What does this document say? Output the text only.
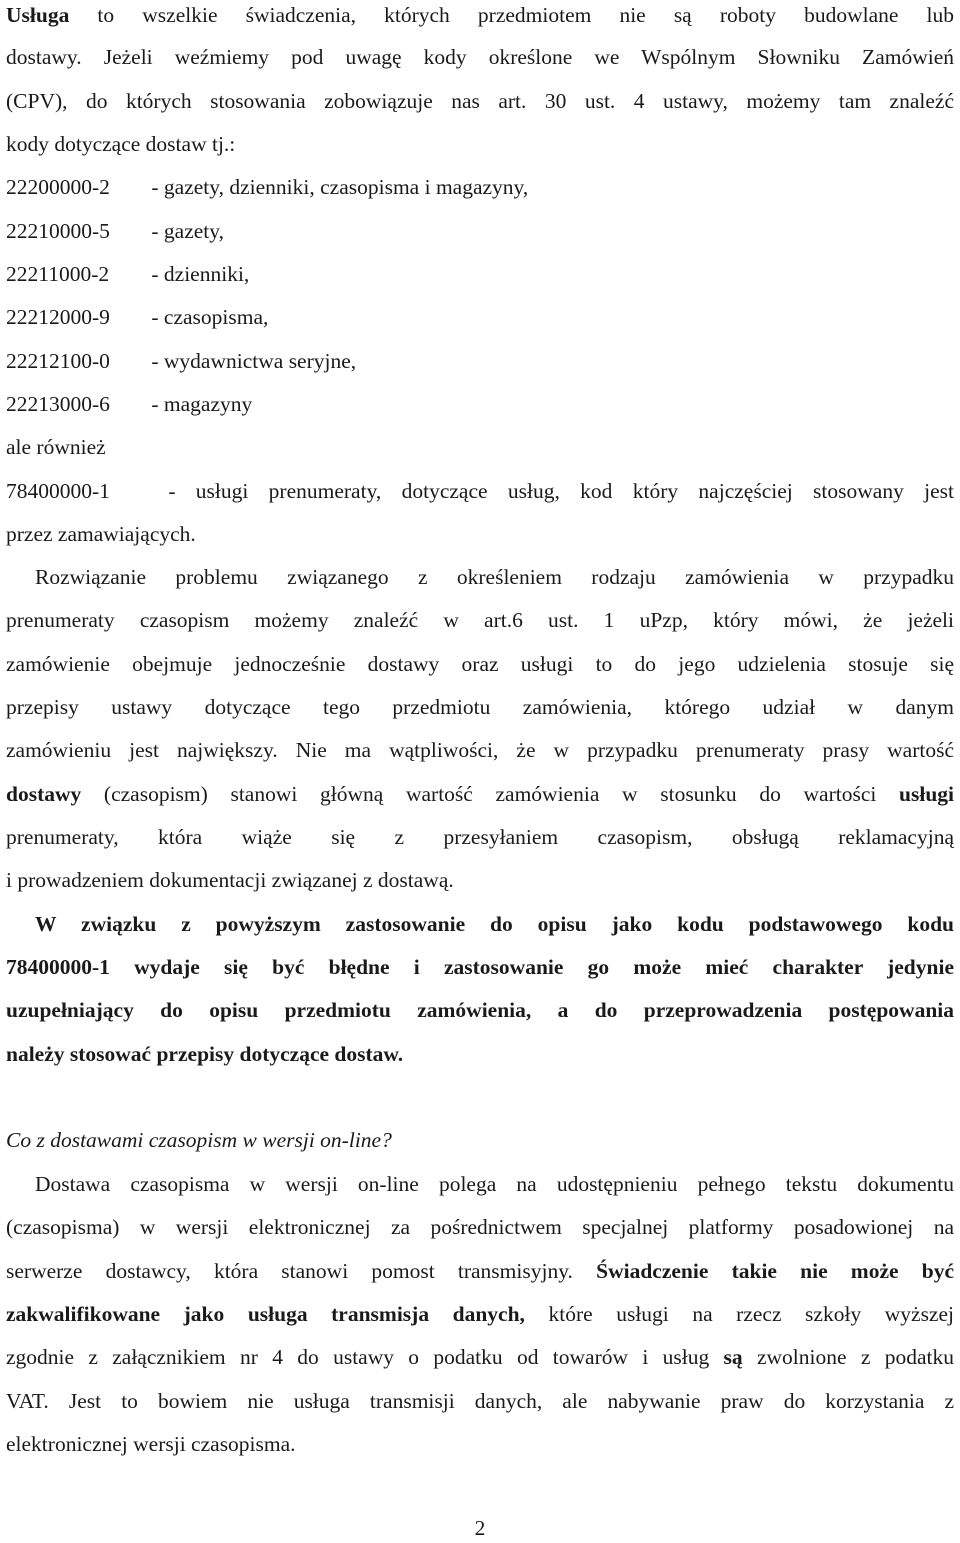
Usługa to wszelkie świadczenia, których przedmiotem nie są roboty budowlane lub
dostawy. Jeżeli weźmiemy pod uwagę kody określone we Wspólnym Słowniku Zamówień
(CPV), do których stosowania zobowiązuje nas art. 30 ust. 4 ustawy, możemy tam znaleźć
kody dotyczące dostaw tj.:
22200000-2 - gazety, dzienniki, czasopisma i magazyny,
22210000-5 - gazety,
22211000-2 - dzienniki,
22212000-9 - czasopisma,
22212100-0 - wydawnictwa seryjne,
22213000-6 - magazyny
ale również
78400000-1 - usługi prenumeraty, dotyczące usług, kod który najczęściej stosowany jest
przez zamawiających.
Rozwiązanie problemu związanego z określeniem rodzaju zamówienia w przypadku
prenumeraty czasopism możemy znaleźć w art.6 ust. 1 uPzp, który mówi, że jeżeli
zamówienie obejmuje jednocześnie dostawy oraz usługi to do jego udzielenia stosuje się
przepisy ustawy dotyczące tego przedmiotu zamówienia, którego udział w danym
zamówieniu jest największy. Nie ma wątpliwości, że w przypadku prenumeraty prasy wartość
dostawy (czasopism) stanowi główną wartość zamówienia w stosunku do wartości usługi
prenumeraty, która wiąże się z przesyłaniem czasopism, obsługą reklamacyjną
i prowadzeniem dokumentacji związanej z dostawą.
W związku z powyższym zastosowanie do opisu jako kodu podstawowego kodu
78400000-1 wydaje się być błędne i zastosowanie go może mieć charakter jedynie
uzupełniający do opisu przedmiotu zamówienia, a do przeprowadzenia postępowania
należy stosować przepisy dotyczące dostaw.
Co z dostawami czasopism w wersji on-line?
Dostawa czasopisma w wersji on-line polega na udostępnieniu pełnego tekstu dokumentu
(czasopisma) w wersji elektronicznej za pośrednictwem specjalnej platformy posadowionej na
serwerze dostawcy, która stanowi pomost transmisyjny. Świadczenie takie nie może być
zakwalifikowane jako usługa transmisja danych, które usługi na rzecz szkoły wyższej
zgodnie z załącznikiem nr 4 do ustawy o podatku od towarów i usług są zwolnione z podatku
VAT. Jest to bowiem nie usługa transmisji danych, ale nabywanie praw do korzystania z
elektronicznej wersji czasopisma.
2
